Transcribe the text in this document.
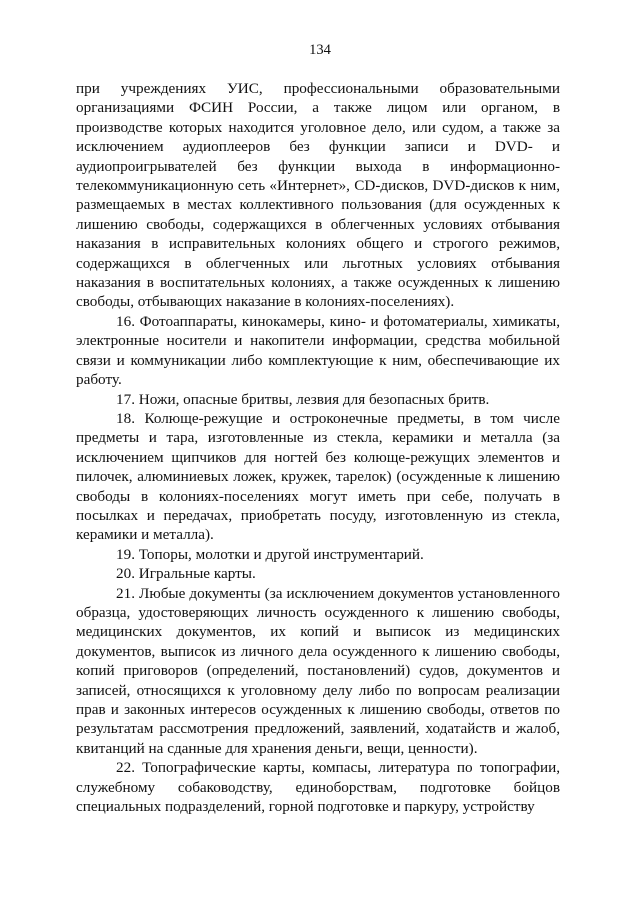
134

при учреждениях УИС, профессиональными образовательными организациями ФСИН России, а также лицом или органом, в производстве которых находится уголовное дело, или судом, а также за исключением аудиоплееров без функции записи и DVD- и аудиопроигрывателей без функции выхода в информационно-телекоммуникационную сеть «Интернет», CD-дисков, DVD-дисков к ним, размещаемых в местах коллективного пользования (для осужденных к лишению свободы, содержащихся в облегченных условиях отбывания наказания в исправительных колониях общего и строгого режимов, содержащихся в облегченных или льготных условиях отбывания наказания в воспитательных колониях, а также осужденных к лишению свободы, отбывающих наказание в колониях-поселениях).

16. Фотоаппараты, кинокамеры, кино- и фотоматериалы, химикаты, электронные носители и накопители информации, средства мобильной связи и коммуникации либо комплектующие к ним, обеспечивающие их работу.

17. Ножи, опасные бритвы, лезвия для безопасных бритв.

18. Колюще-режущие и остроконечные предметы, в том числе предметы и тара, изготовленные из стекла, керамики и металла (за исключением щипчиков для ногтей без колюще-режущих элементов и пилочек, алюминиевых ложек, кружек, тарелок) (осужденные к лишению свободы в колониях-поселениях могут иметь при себе, получать в посылках и передачах, приобретать посуду, изготовленную из стекла, керамики и металла).

19. Топоры, молотки и другой инструментарий.

20. Игральные карты.

21. Любые документы (за исключением документов установленного образца, удостоверяющих личность осужденного к лишению свободы, медицинских документов, их копий и выписок из медицинских документов, выписок из личного дела осужденного к лишению свободы, копий приговоров (определений, постановлений) судов, документов и записей, относящихся к уголовному делу либо по вопросам реализации прав и законных интересов осужденных к лишению свободы, ответов по результатам рассмотрения предложений, заявлений, ходатайств и жалоб, квитанций на сданные для хранения деньги, вещи, ценности).

22. Топографические карты, компасы, литература по топографии, служебному собаководству, единоборствам, подготовке бойцов специальных подразделений, горной подготовке и паркуру, устройству
